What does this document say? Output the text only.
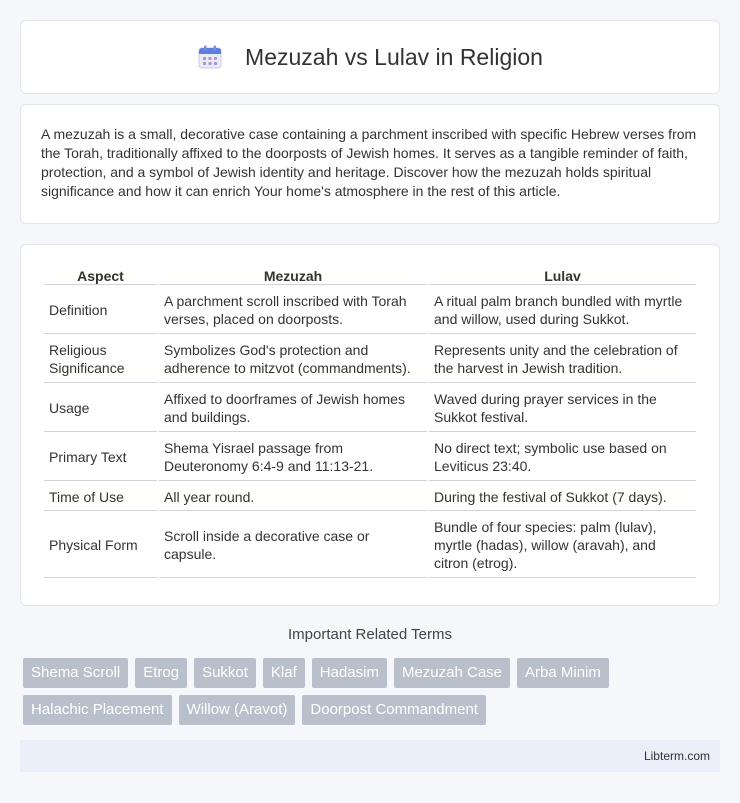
Mezuzah vs Lulav in Religion

A mezuzah is a small, decorative case containing a parchment inscribed with specific Hebrew verses from the Torah, traditionally affixed to the doorposts of Jewish homes. It serves as a tangible reminder of faith, protection, and a symbol of Jewish identity and heritage. Discover how the mezuzah holds spiritual significance and how it can enrich Your home's atmosphere in the rest of this article.

Aspect	Mezuzah	Lulav
Definition	A parchment scroll inscribed with Torah verses, placed on doorposts.	A ritual palm branch bundled with myrtle and willow, used during Sukkot.
Religious Significance	Symbolizes God's protection and adherence to mitzvot (commandments).	Represents unity and the celebration of the harvest in Jewish tradition.
Usage	Affixed to doorframes of Jewish homes and buildings.	Waved during prayer services in the Sukkot festival.
Primary Text	Shema Yisrael passage from Deuteronomy 6:4-9 and 11:13-21.	No direct text; symbolic use based on Leviticus 23:40.
Time of Use	All year round.	During the festival of Sukkot (7 days).
Physical Form	Scroll inside a decorative case or capsule.	Bundle of four species: palm (lulav), myrtle (hadas), willow (aravah), and citron (etrog).
Important Related Terms
Shema Scroll	Etrog	Sukkot	Klaf	Hadasim	Mezuzah Case	Arba Minim
Halachic Placement	Willow (Aravot)	Doorpost Commandment
Libterm.com
